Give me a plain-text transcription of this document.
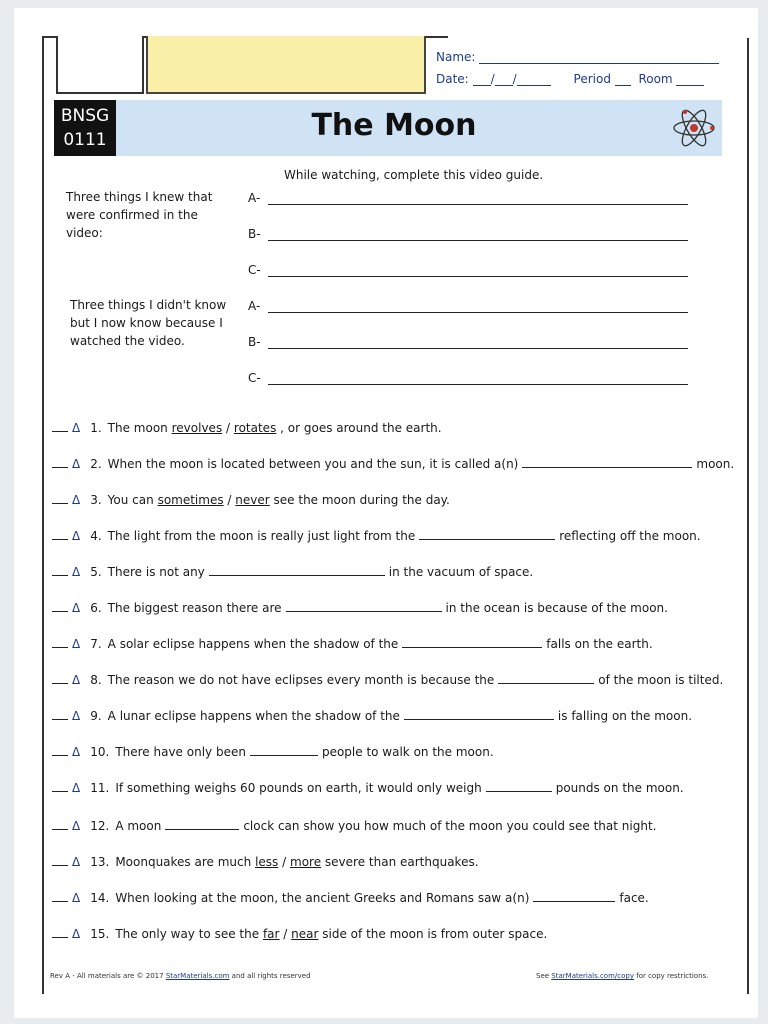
Name:
Date: / /	Period Room
BNSG
0111	The Moon
While watching, complete this video guide.
Three things I knew that were confirmed in the video:
A-
B-
C-
Three things I didn't know but I now know because I watched the video.
A-
B-
C-
Δ 1. The moon revolves / rotates , or goes around the earth.
Δ 2. When the moon is located between you and the sun, it is called a(n)	moon.
Δ 3. You can sometimes / never see the moon during the day.
Δ 4. The light from the moon is really just light from the	reflecting off the moon.
Δ 5. There is not any	in the vacuum of space.
Δ 6. The biggest reason there are	in the ocean is because of the moon.
Δ 7. A solar eclipse happens when the shadow of the	falls on the earth.
Δ 8. The reason we do not have eclipses every month is because the	of the moon is tilted.
Δ 9. A lunar eclipse happens when the shadow of the	is falling on the moon.
Δ 10. There have only been	people to walk on the moon.
Δ 11. If something weighs 60 pounds on earth, it would only weigh	pounds on the moon.
Δ 12. A moon	clock can show you how much of the moon you could see that night.
Δ 13. Moonquakes are much less / more severe than earthquakes.
Δ 14. When looking at the moon, the ancient Greeks and Romans saw a(n)	face.
Δ 15. The only way to see the far / near side of the moon is from outer space.
Rev A - All materials are © 2017 StarMaterials.com and all rights reserved	See StarMaterials.com/copy for copy restrictions.
